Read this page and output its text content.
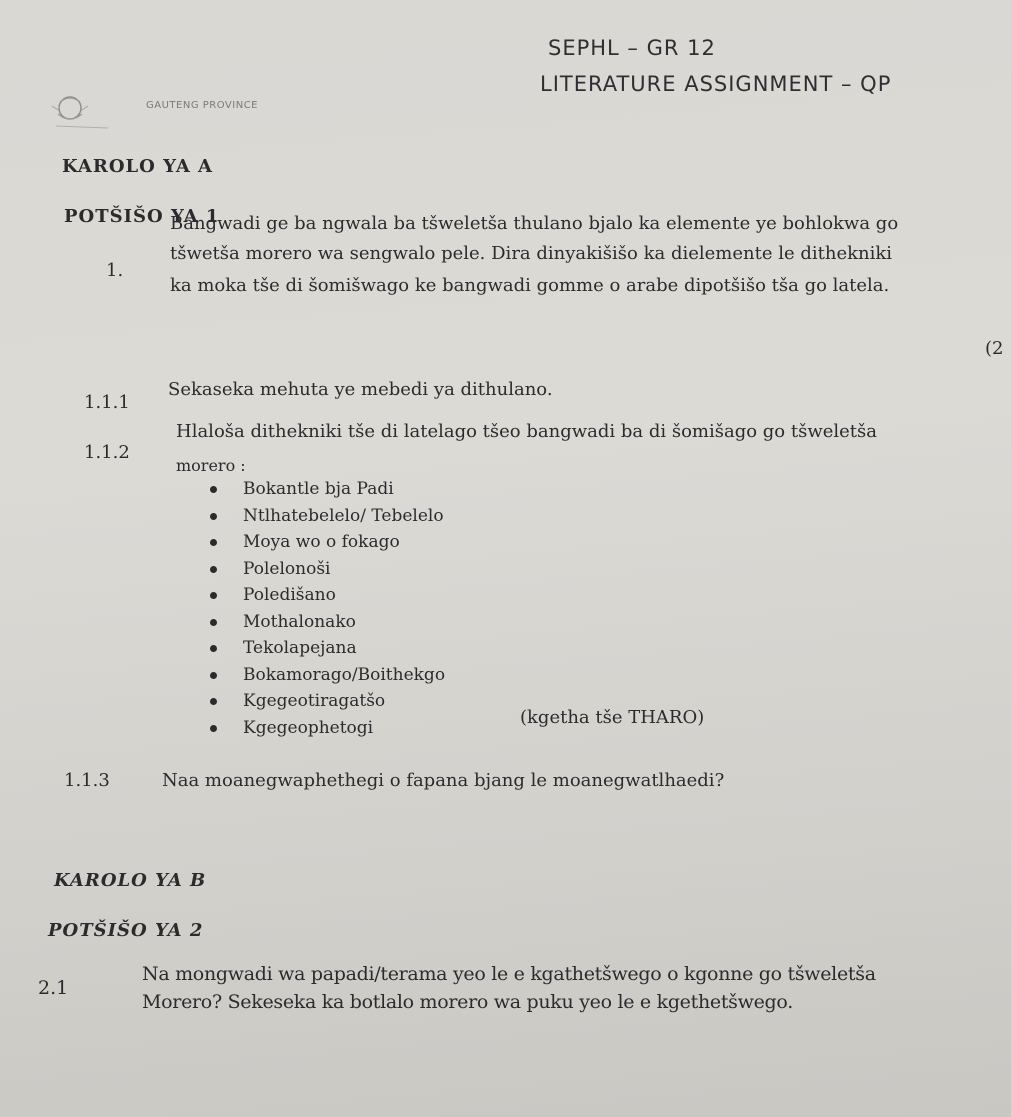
SEPHL – GR 12
LITERATURE ASSIGNMENT – QP
GAUTENG PROVINCE
KAROLO YA A
POTŠIŠO YA 1
1.
Bangwadi ge ba ngwala ba tšweletša thulano bjalo ka elemente ye bohlokwa go
tšwetša morero wa sengwalo pele. Dira dinyakišišo ka dielemente le dithekniki
ka moka tše di šomišwago ke bangwadi gomme o arabe dipotšišo tša go latela.
(2
1.1.1
Sekaseka mehuta ye mebedi ya dithulano.
1.1.2
Hlaloša dithekniki tše di latelago tšeo bangwadi ba di šomišago go tšweletša
morero :
Bokantle bja Padi
Ntlhatebelelo/ Tebelelo
Moya wo o fokago
Polelonoši
Poledišano
Mothalonako
Tekolapejana
Bokamorago/Boithekgo
Kgegeotiragatšo
Kgegeophetogi	(kgetha tše THARO)
1.1.3	Naa moanegwaphethegi o fapana bjang le moanegwatlhaedi?
KAROLO YA B
POTŠIŠO YA 2
2.1
Na mongwadi wa papadi/terama yeo le e kgathetšwego o kgonne go tšweletša
Morero? Sekeseka ka botlalo morero wa puku yeo le e kgethetšwego.
